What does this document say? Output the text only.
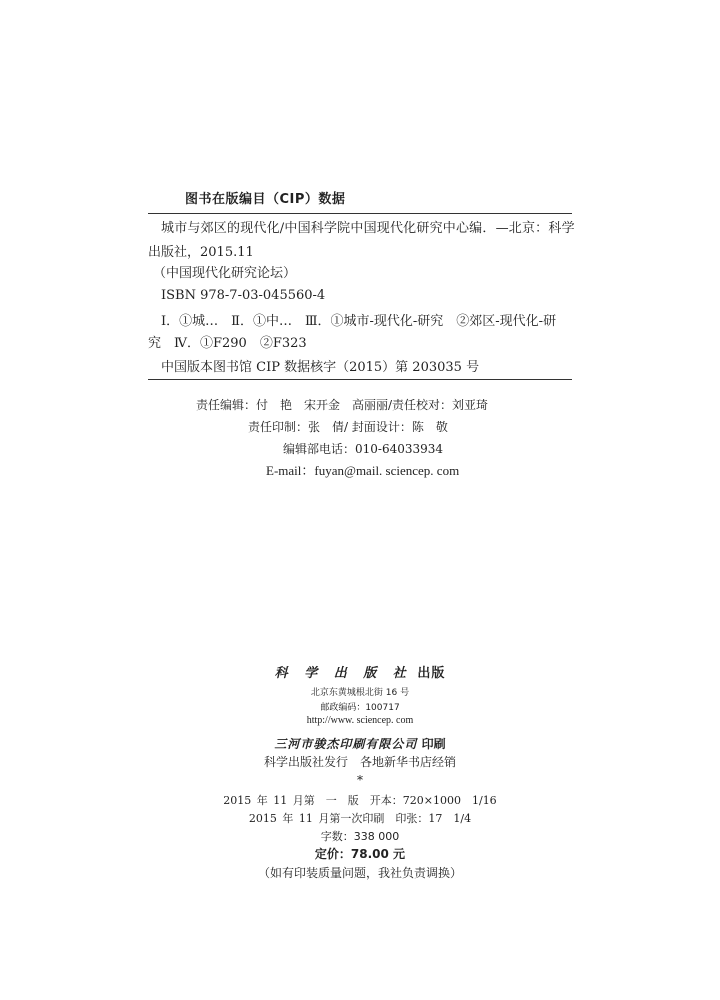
图书在版编目（CIP）数据
城市与郊区的现代化/中国科学院中国现代化研究中心编．—北京：科学
出版社，2015.11
（中国现代化研究论坛）
ISBN 978-7-03-045560-4
Ⅰ．①城…　Ⅱ．①中…　Ⅲ．①城市-现代化-研究　②郊区-现代化-研
究　Ⅳ．①F290　②F323
中国版本图书馆 CIP 数据核字（2015）第 203035 号
责任编辑：付　艳　宋开金　高丽丽/责任校对：刘亚琦
责任印制：张　倩/ 封面设计：陈　敬
编辑部电话：010-64033934
E-mail：fuyan@mail. sciencep. com
科 学 出 版 社 出版
北京东黄城根北街 16 号
邮政编码：100717
http://www. sciencep. com
三河市骏杰印刷有限公司 印刷
科学出版社发行　各地新华书店经销
*
2015 年 11 月第　一　版　开本：720×1000　1/16
2015 年 11 月第一次印刷　印张：17　1/4
字数：338 000
定价：78.00 元
（如有印装质量问题，我社负责调换）
